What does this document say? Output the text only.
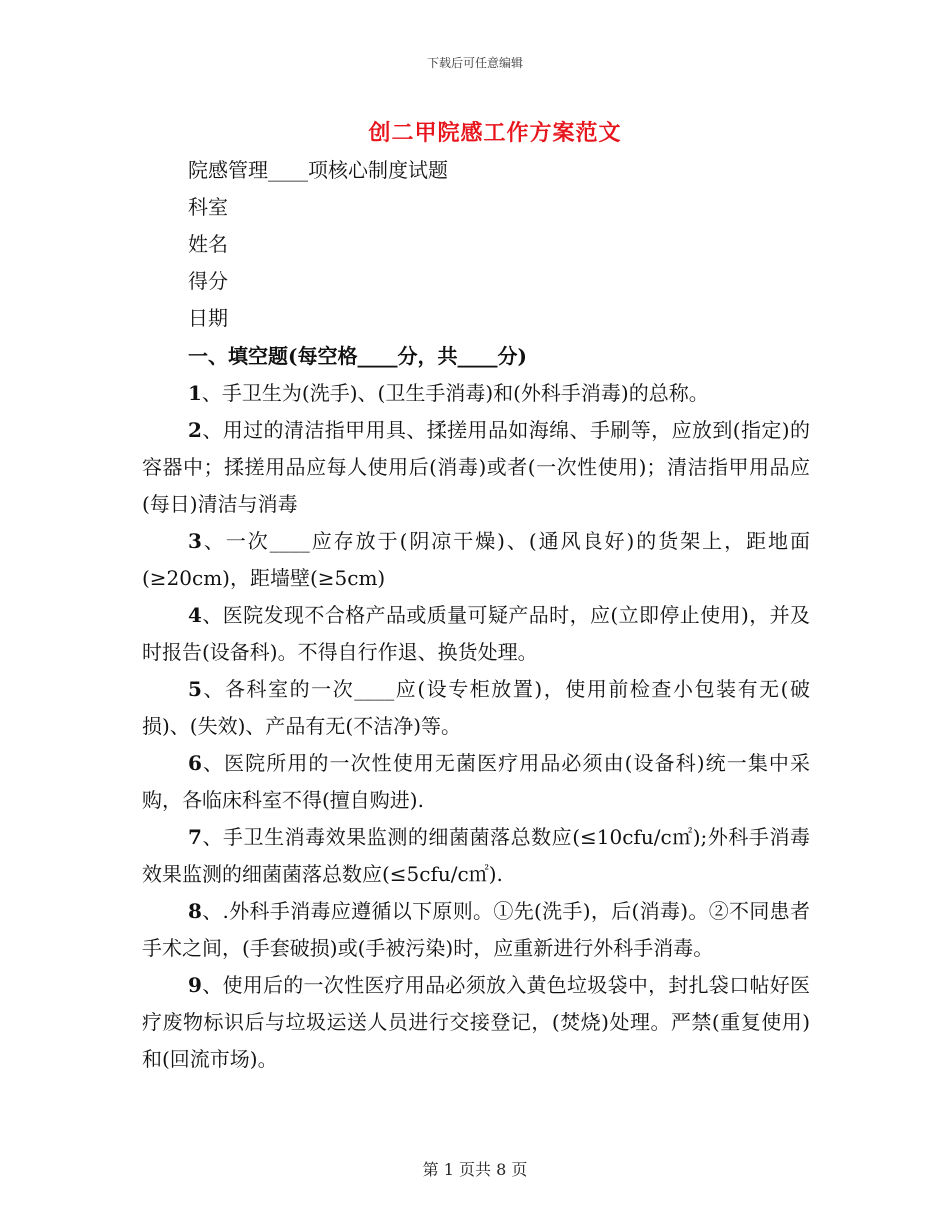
下载后可任意编辑
创二甲院感工作方案范文
院感管理____项核心制度试题
科室
姓名
得分
日期
一、填空题(每空格____分，共____分)

1、手卫生为(洗手)、(卫生手消毒)和(外科手消毒)的总称。

2、用过的清洁指甲用具、揉搓用品如海绵、手刷等，应放到(指定)的容器中；揉搓用品应每人使用后(消毒)或者(一次性使用)；清洁指甲用品应(每日)清洁与消毒

3、一次____应存放于(阴凉干燥)、(通风良好)的货架上，距地面(≥20cm)，距墙壁(≥5cm)

4、医院发现不合格产品或质量可疑产品时，应(立即停止使用)，并及时报告(设备科)。不得自行作退、换货处理。

5、各科室的一次____应(设专柜放置)，使用前检查小包装有无(破损)、(失效)、产品有无(不洁净)等。

6、医院所用的一次性使用无菌医疗用品必须由(设备科)统一集中采购，各临床科室不得(擅自购进).

7、手卫生消毒效果监测的细菌菌落总数应(≤10cfu/c㎡);外科手消毒效果监测的细菌菌落总数应(≤5cfu/c㎡).

8、.外科手消毒应遵循以下原则。①先(洗手)，后(消毒)。②不同患者手术之间，(手套破损)或(手被污染)时，应重新进行外科手消毒。

9、使用后的一次性医疗用品必须放入黄色垃圾袋中，封扎袋口帖好医疗废物标识后与垃圾运送人员进行交接登记，(焚烧)处理。严禁(重复使用)和(回流市场)。

第 1 页共 8 页
